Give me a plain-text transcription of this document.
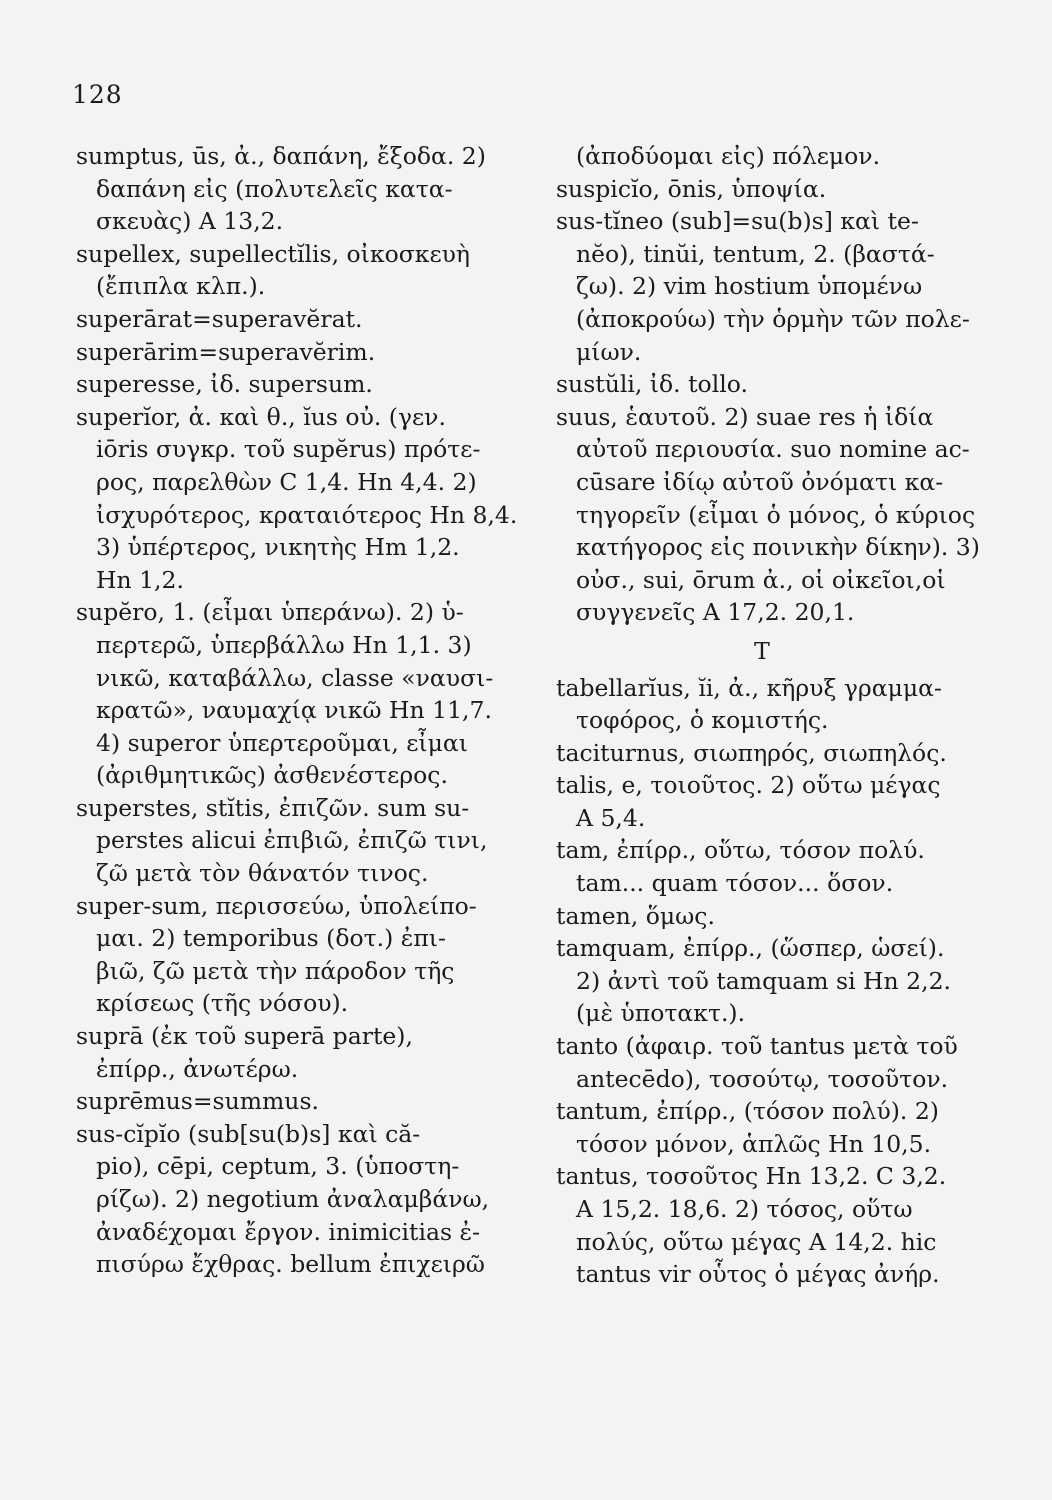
128
sumptus, ūs, ἀ., δαπάνη, ἔξοδα. 2)
δαπάνη εἰς (πολυτελεῖς κατα-
σκευὰς) A 13,2.
supellex, supellectĭlis, οἰκοσκευὴ
(ἔπιπλα κλπ.).
superārat=superavĕrat.
superārim=superavĕrim.
superesse, ἰδ. supersum.
superĭor, ἀ. καὶ θ., ĭus οὐ. (γεν.
iōris συγκρ. τοῦ supĕrus) πρότε-
ρος, παρελθὼν C 1,4. Hn 4,4. 2)
ἰσχυρότερος, κραταιότερος Hn 8,4.
3) ὑπέρτερος, νικητὴς Hm 1,2.
Hn 1,2.
supĕro, 1. (εἶμαι ὑπεράνω). 2) ὑ-
περτερῶ, ὑπερβάλλω Hn 1,1. 3)
νικῶ, καταβάλλω, classe «ναυσι-
κρατῶ», ναυμαχίᾳ νικῶ Hn 11,7.
4) superor ὑπερτεροῦμαι, εἶμαι
(ἀριθμητικῶς) ἀσθενέστερος.
superstes, stĭtis, ἐπιζῶν. sum su-
perstes alicui ἐπιβιῶ, ἐπιζῶ τινι,
ζῶ μετὰ τὸν θάνατόν τινος.
super-sum, περισσεύω, ὑπολείπο-
μαι. 2) temporibus (δοτ.) ἐπι-
βιῶ, ζῶ μετὰ τὴν πάροδον τῆς
κρίσεως (τῆς νόσου).
suprā (ἐκ τοῦ superā parte),
ἐπίρρ., ἀνωτέρω.
suprēmus=summus.
sus-cĭpĭo (sub[su(b)s] καὶ că-
pio), cēpi, ceptum, 3. (ὑποστη-
ρίζω). 2) negotium ἀναλαμβάνω,
ἀναδέχομαι ἔργον. inimicitias ἐ-
πισύρω ἔχθρας. bellum ἐπιχειρῶ
(ἀποδύομαι εἰς) πόλεμον.
suspicĭo, ōnis, ὑποψία.
sus-tĭneo (sub]=su(b)s] καὶ te-
nĕo), tinŭi, tentum, 2. (βαστά-
ζω). 2) vim hostium ὑπομένω
(ἀποκρούω) τὴν ὁρμὴν τῶν πολε-
μίων.
sustŭli, ἰδ. tollo.
suus, ἑαυτοῦ. 2) suae res ἡ ἰδία
αὐτοῦ περιουσία. suo nomine ac-
cūsare ἰδίῳ αὐτοῦ ὀνόματι κα-
τηγορεῖν (εἶμαι ὁ μόνος, ὁ κύριος
κατήγορος εἰς ποινικὴν δίκην). 3)
οὐσ., sui, ōrum ἀ., οἱ οἰκεῖοι,οἱ
συγγενεῖς A 17,2. 20,1.
T
tabellarĭus, ĭi, ἀ., κῆρυξ γραμμα-
τοφόρος, ὁ κομιστής.
taciturnus, σιωπηρός, σιωπηλός.
talis, e, τοιοῦτος. 2) οὕτω μέγας
A 5,4.
tam, ἐπίρρ., οὕτω, τόσον πολύ.
tam... quam τόσον... ὅσον.
tamen, ὅμως.
tamquam, ἐπίρρ., (ὥσπερ, ὡσεί).
2) ἀντὶ τοῦ tamquam si Hn 2,2.
(μὲ ὑποτακτ.).
tanto (ἀφαιρ. τοῦ tantus μετὰ τοῦ
antecēdo), τοσούτῳ, τοσοῦτον.
tantum, ἐπίρρ., (τόσον πολύ). 2)
τόσον μόνον, ἁπλῶς Hn 10,5.
tantus, τοσοῦτος Hn 13,2. C 3,2.
A 15,2. 18,6. 2) τόσος, οὕτω
πολύς, οὕτω μέγας A 14,2. hic
tantus vir οὗτος ὁ μέγας ἀνήρ.
